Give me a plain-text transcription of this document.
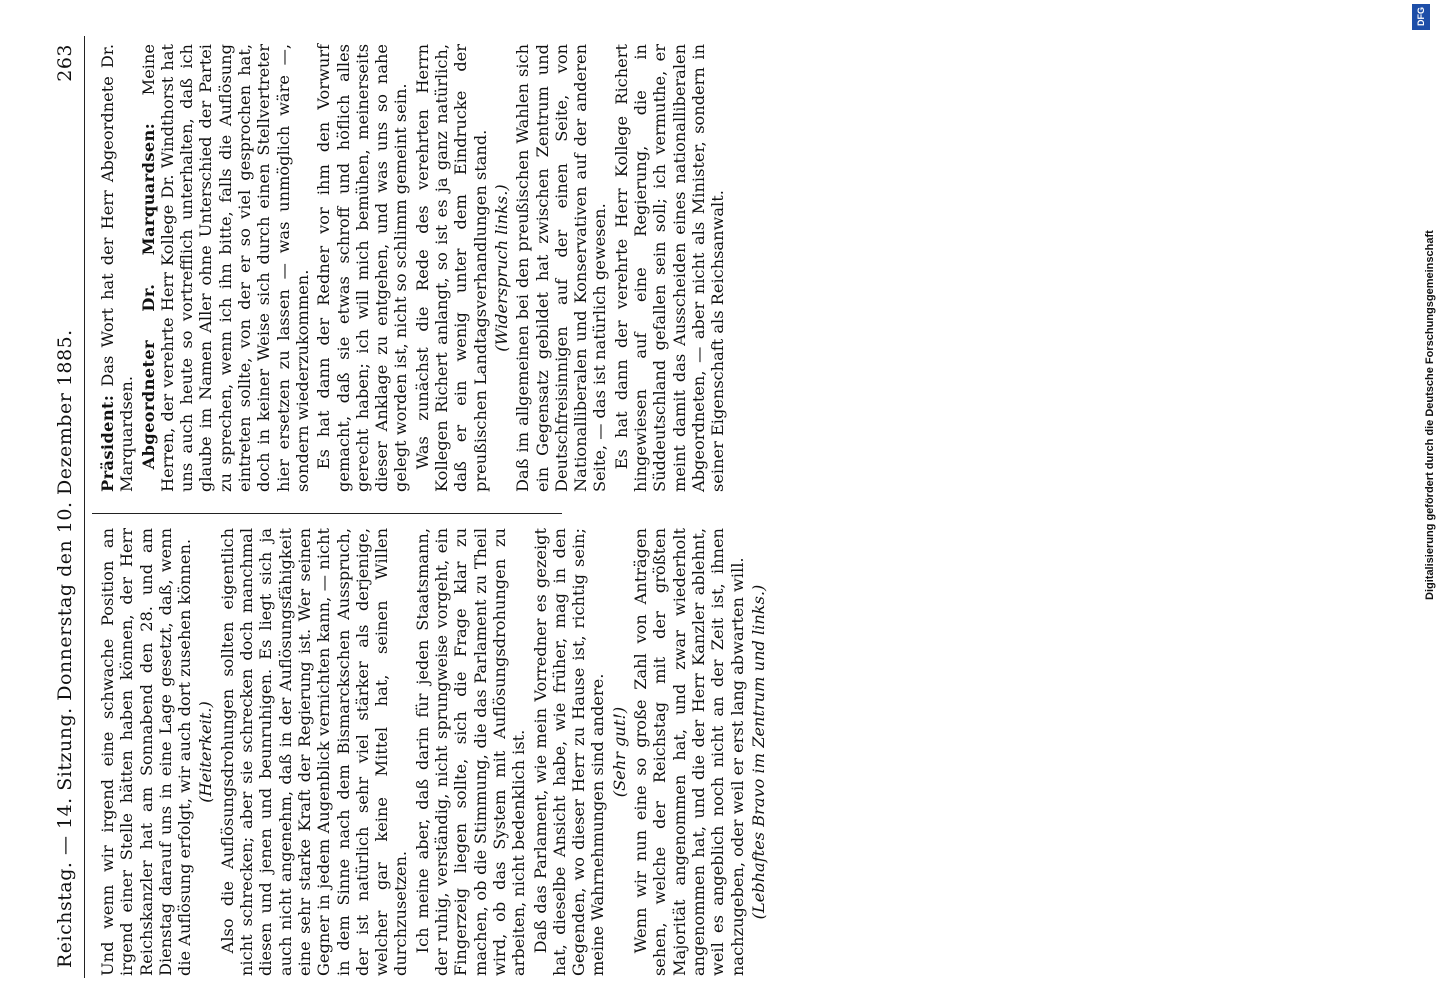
Reichstag. — 14. Sitzung. Donnerstag den 10. Dezember 1885.
263

Und wenn wir irgend eine schwache Position an irgend einer Stelle hätten haben können, der Herr Reichskanzler hat am Sonnabend den 28. und am Dienstag darauf uns in eine Lage gesetzt, daß, wenn die Auflösung erfolgt, wir auch dort zusehen können. (Heiterkeit.) Also die Auflösungsdrohungen sollten eigentlich nicht schrecken; aber sie schrecken doch manchmal diesen und jenen und beunruhigen. Es liegt sich ja auch nicht angenehm, daß in der Auflösungsfähigkeit eine sehr starke Kraft der Regierung ist. Wer seinen Gegner in jedem Augenblick vernichten kann, — nicht in dem Sinne nach dem Bismarckschen Ausspruch, der ist natürlich sehr viel stärker als derjenige, welcher gar keine Mittel hat, seinen Willen durchzusetzen. Ich meine aber, daß darin für jeden Staatsmann, der ruhig, verständig, nicht sprungweise vorgeht, ein Fingerzeig liegen sollte, sich die Frage klar zu machen, ob die Stimmung, die das Parlament zu Theil wird, ob das System mit Auflösungsdrohungen zu arbeiten, nicht bedenklich ist. Daß das Parlament, wie mein Vorredner es gezeigt hat, dieselbe Ansicht habe, wie früher, mag in den Gegenden, wo dieser Herr zu Hause ist, richtig sein; meine Wahrnehmungen sind andere. (Sehr gut!) Wenn wir nun eine so große Zahl von Anträgen sehen, welche der Reichstag mit der größten Majorität angenommen hat, und zwar wiederholt angenommen hat, und die der Herr Kanzler ablehnt, weil es angeblich noch nicht an der Zeit ist, ihnen nachzugeben, oder weil er erst lang abwarten will. (Lebhaftes Bravo im Zentrum und links.)

Präsident: Das Wort hat der Herr Abgeordnete Dr. Marquardsen. Abgeordneter Dr. Marquardsen: Meine Herren, der verehrte Herr Kollege Dr. Windthorst hat uns auch heute so vortrefflich unterhalten, daß ich glaube im Namen Aller ohne Unterschied der Partei zu sprechen, wenn ich ihn bitte, falls die Auflösung eintreten sollte, von der er so viel gesprochen hat, doch in keiner Weise sich durch einen Stellvertreter hier ersetzen zu lassen — was unmöglich wäre —, sondern wiederzukommen. Es hat dann der Redner vor ihm den Vorwurf gemacht, daß sie etwas schroff und höflich alles gerecht haben; ich will mich bemühen, meinerseits dieser Anklage zu entgehen, und was uns so nahe gelegt worden ist, nicht so schlimm gemeint sein. Was zunächst die Rede des verehrten Herrn Kollegen Richert anlangt, so ist es ja ganz natürlich, daß er ein wenig unter dem Eindrucke der preußischen Landtagsverhandlungen stand. (Widerspruch links.) Daß im allgemeinen bei den preußischen Wahlen sich ein Gegensatz gebildet hat zwischen Zentrum und Deutschfreisinnigen auf der einen Seite, von Nationalliberalen und Konservativen auf der anderen Seite, — das ist natürlich gewesen. Es hat dann der verehrte Herr Kollege Richert hingewiesen auf eine Regierung, die in Süddeutschland gefallen sein soll; ich vermuthe, er meint damit das Ausscheiden eines nationalliberalen Abgeordneten, — aber nicht als Minister, sondern in seiner Eigenschaft als Reichsanwalt.

DFG
Digitalisierung gefördert durch die Deutsche Forschungsgemeinschaft
